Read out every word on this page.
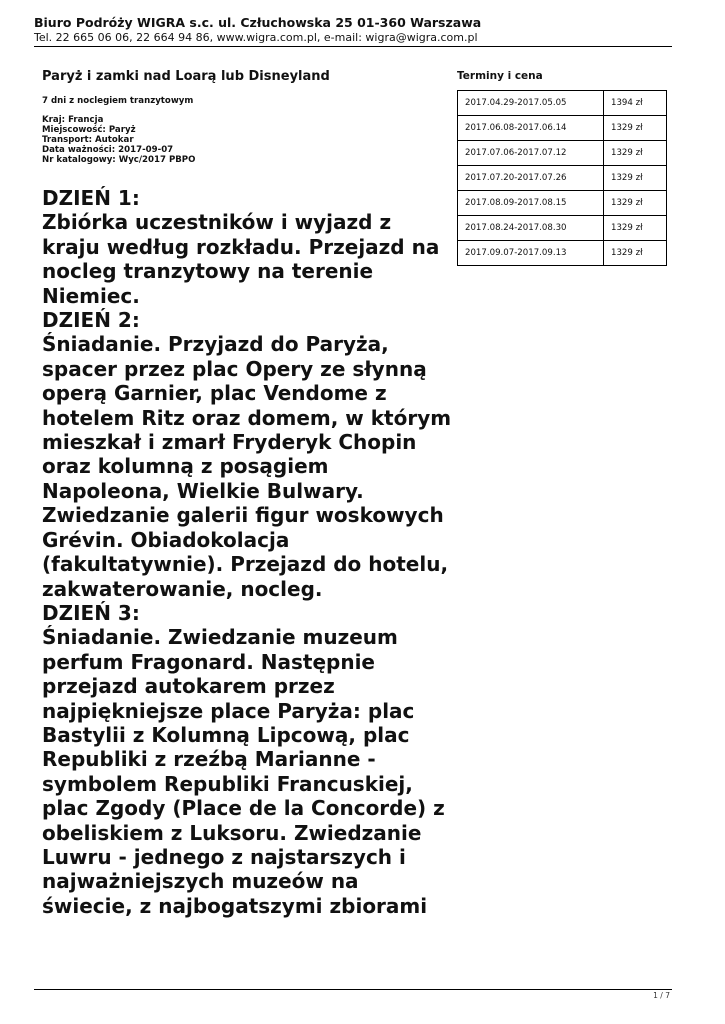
Biuro Podróży WIGRA s.c. ul. Człuchowska 25 01-360 Warszawa
Tel. 22 665 06 06, 22 664 94 86, www.wigra.com.pl, e-mail: wigra@wigra.com.pl
Paryż i zamki nad Loarą lub Disneyland
7 dni z noclegiem tranzytowym
Kraj: Francja
Miejscowość: Paryż
Transport: Autokar
Data ważności: 2017-09-07
Nr katalogowy: Wyc/2017 PBPO
DZIEŃ 1:
Zbiórka uczestników i wyjazd z
kraju według rozkładu. Przejazd na
nocleg tranzytowy na terenie
Niemiec.
DZIEŃ 2:
Śniadanie. Przyjazd do Paryża,
spacer przez plac Opery ze słynną
operą Garnier, plac Vendome z
hotelem Ritz oraz domem, w którym
mieszkał i zmarł Fryderyk Chopin
oraz kolumną z posągiem
Napoleona, Wielkie Bulwary.
Zwiedzanie galerii figur woskowych
Grévin. Obiadokolacja
(fakultatywnie). Przejazd do hotelu,
zakwaterowanie, nocleg.
DZIEŃ 3:
Śniadanie. Zwiedzanie muzeum
perfum Fragonard. Następnie
przejazd autokarem przez
najpiękniejsze place Paryża: plac
Bastylii z Kolumną Lipcową, plac
Republiki z rzeźbą Marianne -
symbolem Republiki Francuskiej,
plac Zgody (Place de la Concorde) z
obeliskiem z Luksoru. Zwiedzanie
Luwru - jednego z najstarszych i
najważniejszych muzeów na
świecie, z najbogatszymi zbiorami
Terminy i cena
2017.04.29-2017.05.05	1394 zł
2017.06.08-2017.06.14	1329 zł
2017.07.06-2017.07.12	1329 zł
2017.07.20-2017.07.26	1329 zł
2017.08.09-2017.08.15	1329 zł
2017.08.24-2017.08.30	1329 zł
2017.09.07-2017.09.13	1329 zł
1 / 7
